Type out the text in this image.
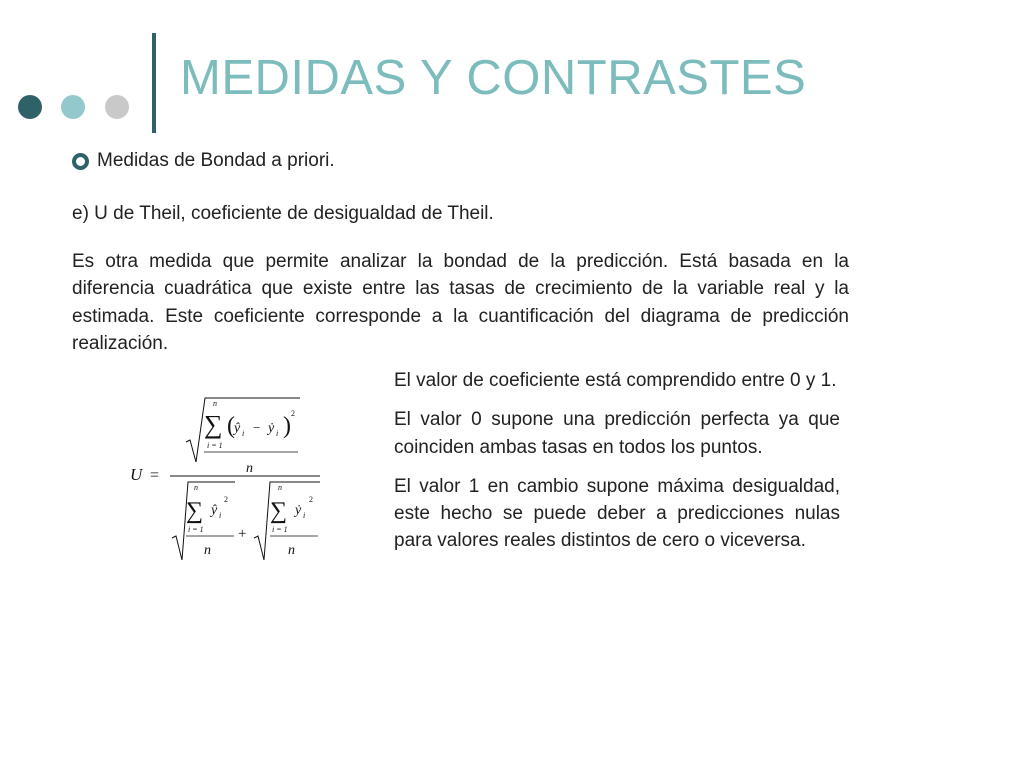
MEDIDAS Y CONTRASTES
Medidas de Bondad a priori.
e) U de Theil, coeficiente de desigualdad de Theil.

Es otra medida que permite analizar la bondad de la predicción. Está basada en la diferencia cuadrática que existe entre las tasas de crecimiento de la variable real y la estimada. Este coeficiente corresponde a la cuantificación del diagrama de predicción realización.

El valor de coeficiente está comprendido entre 0 y 1.

El valor 0 supone una predicción perfecta ya que coinciden ambas tasas en todos los puntos.

El valor 1 en cambio supone máxima desigualdad, este hecho se puede deber a predicciones nulas para valores reales distintos de cero o viceversa.

U =
n
∑
i = 1
( ŷ i − ẏ i ) 2
n
n
∑
i = 1
ŷ i
2
n
+
n
∑
i = 1
ẏ i
2
n
